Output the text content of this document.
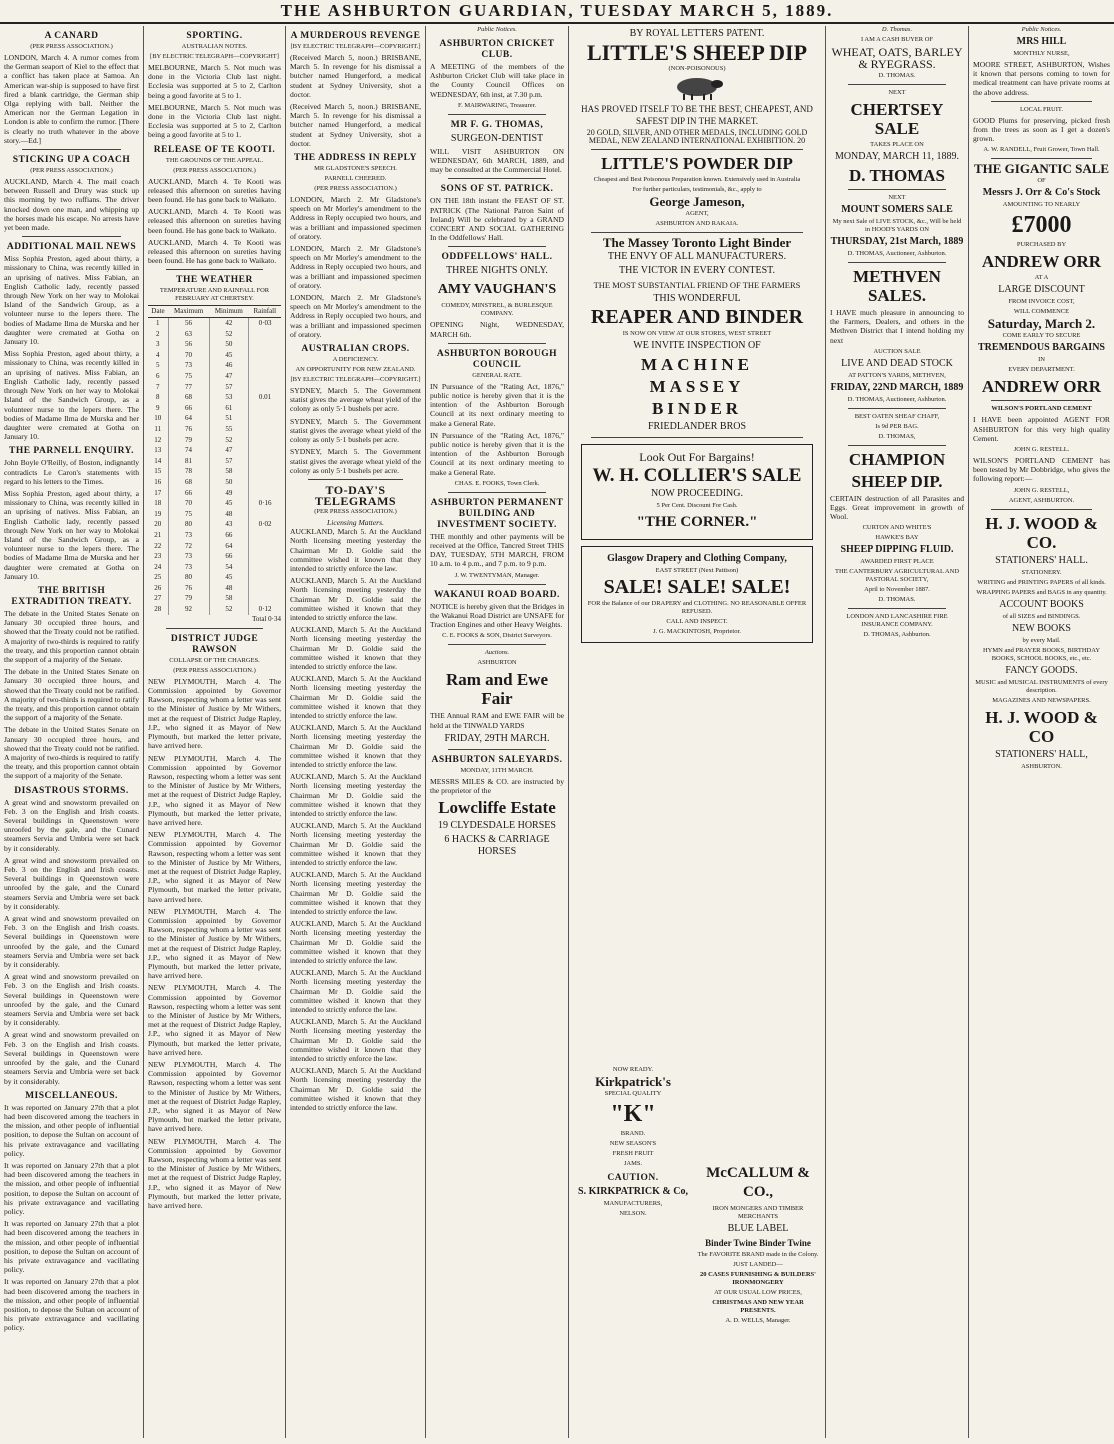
THE ASHBURTON GUARDIAN, TUESDAY MARCH 5, 1889.
A CANARD
(PER PRESS ASSOCIATION.)

LONDON, March 4. A rumor comes from the German seaport of Kiel to the effect that a conflict has taken place at Samoa. An American war-ship is supposed to have first fired a blank cartridge, the German ship Olga replying with ball. Neither the American nor the German Legation in London is able to confirm the rumor. [There is clearly no truth whatever in the above story.—Ed.]

STICKING UP A COACH
(PER PRESS ASSOCIATION.)

AUCKLAND, March 4. The mail coach between Russell and Drury was stuck up this morning by two ruffians. The driver knocked down one man, and whipping up the horses made his escape. No arrests have yet been made.

ADDITIONAL MAIL NEWS

Miss Sophia Preston, aged about thirty, a missionary to China, was recently killed in an uprising of natives. Miss Fabian, an English Catholic lady, recently passed through New York on her way to Molokai Island of the Sandwich Group, as a volunteer nurse to the lepers there. The bodies of Madame Ilma de Murska and her daughter were cremated at Gotha on January 10.

Miss Sophia Preston, aged about thirty, a missionary to China, was recently killed in an uprising of natives. Miss Fabian, an English Catholic lady, recently passed through New York on her way to Molokai Island of the Sandwich Group, as a volunteer nurse to the lepers there. The bodies of Madame Ilma de Murska and her daughter were cremated at Gotha on January 10.

THE PARNELL ENQUIRY.

John Boyle O'Reilly, of Boston, indignantly contradicts Le Caron's statements with regard to his letters to the Times.

Miss Sophia Preston, aged about thirty, a missionary to China, was recently killed in an uprising of natives. Miss Fabian, an English Catholic lady, recently passed through New York on her way to Molokai Island of the Sandwich Group, as a volunteer nurse to the lepers there. The bodies of Madame Ilma de Murska and her daughter were cremated at Gotha on January 10.

THE BRITISH EXTRADITION TREATY.

The debate in the United States Senate on January 30 occupied three hours, and showed that the Treaty could not be ratified. A majority of two-thirds is required to ratify the treaty, and this proportion cannot obtain the support of a majority of the Senate.

The debate in the United States Senate on January 30 occupied three hours, and showed that the Treaty could not be ratified. A majority of two-thirds is required to ratify the treaty, and this proportion cannot obtain the support of a majority of the Senate.

The debate in the United States Senate on January 30 occupied three hours, and showed that the Treaty could not be ratified. A majority of two-thirds is required to ratify the treaty, and this proportion cannot obtain the support of a majority of the Senate.

DISASTROUS STORMS.

A great wind and snowstorm prevailed on Feb. 3 on the English and Irish coasts. Several buildings in Queenstown were unroofed by the gale, and the Cunard steamers Servia and Umbria were set back by it considerably.

A great wind and snowstorm prevailed on Feb. 3 on the English and Irish coasts. Several buildings in Queenstown were unroofed by the gale, and the Cunard steamers Servia and Umbria were set back by it considerably.

A great wind and snowstorm prevailed on Feb. 3 on the English and Irish coasts. Several buildings in Queenstown were unroofed by the gale, and the Cunard steamers Servia and Umbria were set back by it considerably.

A great wind and snowstorm prevailed on Feb. 3 on the English and Irish coasts. Several buildings in Queenstown were unroofed by the gale, and the Cunard steamers Servia and Umbria were set back by it considerably.

A great wind and snowstorm prevailed on Feb. 3 on the English and Irish coasts. Several buildings in Queenstown were unroofed by the gale, and the Cunard steamers Servia and Umbria were set back by it considerably.

MISCELLANEOUS.

It was reported on January 27th that a plot had been discovered among the teachers in the mission, and other people of influential position, to depose the Sultan on account of his private extravagance and vacillating policy.

It was reported on January 27th that a plot had been discovered among the teachers in the mission, and other people of influential position, to depose the Sultan on account of his private extravagance and vacillating policy.

It was reported on January 27th that a plot had been discovered among the teachers in the mission, and other people of influential position, to depose the Sultan on account of his private extravagance and vacillating policy.

It was reported on January 27th that a plot had been discovered among the teachers in the mission, and other people of influential position, to depose the Sultan on account of his private extravagance and vacillating policy.

SPORTING.
AUSTRALIAN NOTES.
[BY ELECTRIC TELEGRAPH—COPYRIGHT]

MELBOURNE, March 5. Not much was done in the Victoria Club last night. Ecclesia was supported at 5 to 2, Carlton being a good favorite at 5 to 1.

MELBOURNE, March 5. Not much was done in the Victoria Club last night. Ecclesia was supported at 5 to 2, Carlton being a good favorite at 5 to 1.

RELEASE OF TE KOOTI.
THE GROUNDS OF THE APPEAL.
(PER PRESS ASSOCIATION.)

AUCKLAND, March 4. Te Kooti was released this afternoon on sureties having been found. He has gone back to Waikato.

AUCKLAND, March 4. Te Kooti was released this afternoon on sureties having been found. He has gone back to Waikato.

AUCKLAND, March 4. Te Kooti was released this afternoon on sureties having been found. He has gone back to Waikato.

THE WEATHER
TEMPERATURE AND RAINFALL FOR FEBRUARY AT CHERTSEY.
Date	Maximum	Minimum	Rainfall
1	56	42	0·03
2	63	52	
3	56	50	
4	70	45	
5	73	46	
6	75	47	
7	77	57	
8	68	53	0.01
9	66	61	
10	64	51	
11	76	55	
12	79	52	
13	74	47	
14	81	57	
15	78	58	
16	68	50	
17	66	49	
18	70	45	0·16
19	75	48	
20	80	43	0·02
21	73	66	
22	72	64	
23	73	66	
24	73	54	
25	80	45	
26	76	48	
27	79	58	
28	92	52	0·12
Total 0·34
DISTRICT JUDGE RAWSON
COLLAPSE OF THE CHARGES.
(PER PRESS ASSOCIATION.)

NEW PLYMOUTH, March 4. The Commission appointed by Governor Rawson, respecting whom a letter was sent to the Minister of Justice by Mr Withers, met at the request of District Judge Rapley, J.P., who signed it as Mayor of New Plymouth, but marked the letter private, have arrived here.

NEW PLYMOUTH, March 4. The Commission appointed by Governor Rawson, respecting whom a letter was sent to the Minister of Justice by Mr Withers, met at the request of District Judge Rapley, J.P., who signed it as Mayor of New Plymouth, but marked the letter private, have arrived here.

NEW PLYMOUTH, March 4. The Commission appointed by Governor Rawson, respecting whom a letter was sent to the Minister of Justice by Mr Withers, met at the request of District Judge Rapley, J.P., who signed it as Mayor of New Plymouth, but marked the letter private, have arrived here.

NEW PLYMOUTH, March 4. The Commission appointed by Governor Rawson, respecting whom a letter was sent to the Minister of Justice by Mr Withers, met at the request of District Judge Rapley, J.P., who signed it as Mayor of New Plymouth, but marked the letter private, have arrived here.

NEW PLYMOUTH, March 4. The Commission appointed by Governor Rawson, respecting whom a letter was sent to the Minister of Justice by Mr Withers, met at the request of District Judge Rapley, J.P., who signed it as Mayor of New Plymouth, but marked the letter private, have arrived here.

NEW PLYMOUTH, March 4. The Commission appointed by Governor Rawson, respecting whom a letter was sent to the Minister of Justice by Mr Withers, met at the request of District Judge Rapley, J.P., who signed it as Mayor of New Plymouth, but marked the letter private, have arrived here.

NEW PLYMOUTH, March 4. The Commission appointed by Governor Rawson, respecting whom a letter was sent to the Minister of Justice by Mr Withers, met at the request of District Judge Rapley, J.P., who signed it as Mayor of New Plymouth, but marked the letter private, have arrived here.

A MURDEROUS REVENGE
[BY ELECTRIC TELEGRAPH—COPYRIGHT.]

(Received March 5, noon.) BRISBANE, March 5. In revenge for his dismissal a butcher named Hungerford, a medical student at Sydney University, shot a doctor.

(Received March 5, noon.) BRISBANE, March 5. In revenge for his dismissal a butcher named Hungerford, a medical student at Sydney University, shot a doctor.

THE ADDRESS IN REPLY
MR GLADSTONE'S SPEECH.
PARNELL CHEERED.
(PER PRESS ASSOCIATION.)

LONDON, March 2. Mr Gladstone's speech on Mr Morley's amendment to the Address in Reply occupied two hours, and was a brilliant and impassioned specimen of oratory.

LONDON, March 2. Mr Gladstone's speech on Mr Morley's amendment to the Address in Reply occupied two hours, and was a brilliant and impassioned specimen of oratory.

LONDON, March 2. Mr Gladstone's speech on Mr Morley's amendment to the Address in Reply occupied two hours, and was a brilliant and impassioned specimen of oratory.

AUSTRALIAN CROPS.
A DEFICIENCY.
AN OPPORTUNITY FOR NEW ZEALAND.
[BY ELECTRIC TELEGRAPH—COPYRIGHT.]

SYDNEY, March 5. The Government statist gives the average wheat yield of the colony as only 5·1 bushels per acre.

SYDNEY, March 5. The Government statist gives the average wheat yield of the colony as only 5·1 bushels per acre.

SYDNEY, March 5. The Government statist gives the average wheat yield of the colony as only 5·1 bushels per acre.

TO-DAY'S TELEGRAMS
(PER PRESS ASSOCIATION.)
Licensing Matters.

AUCKLAND, March 5. At the Auckland North licensing meeting yesterday the Chairman Mr D. Goldie said the committee wished it known that they intended to strictly enforce the law.

AUCKLAND, March 5. At the Auckland North licensing meeting yesterday the Chairman Mr D. Goldie said the committee wished it known that they intended to strictly enforce the law.

AUCKLAND, March 5. At the Auckland North licensing meeting yesterday the Chairman Mr D. Goldie said the committee wished it known that they intended to strictly enforce the law.

AUCKLAND, March 5. At the Auckland North licensing meeting yesterday the Chairman Mr D. Goldie said the committee wished it known that they intended to strictly enforce the law.

AUCKLAND, March 5. At the Auckland North licensing meeting yesterday the Chairman Mr D. Goldie said the committee wished it known that they intended to strictly enforce the law.

AUCKLAND, March 5. At the Auckland North licensing meeting yesterday the Chairman Mr D. Goldie said the committee wished it known that they intended to strictly enforce the law.

AUCKLAND, March 5. At the Auckland North licensing meeting yesterday the Chairman Mr D. Goldie said the committee wished it known that they intended to strictly enforce the law.

AUCKLAND, March 5. At the Auckland North licensing meeting yesterday the Chairman Mr D. Goldie said the committee wished it known that they intended to strictly enforce the law.

AUCKLAND, March 5. At the Auckland North licensing meeting yesterday the Chairman Mr D. Goldie said the committee wished it known that they intended to strictly enforce the law.

AUCKLAND, March 5. At the Auckland North licensing meeting yesterday the Chairman Mr D. Goldie said the committee wished it known that they intended to strictly enforce the law.

AUCKLAND, March 5. At the Auckland North licensing meeting yesterday the Chairman Mr D. Goldie said the committee wished it known that they intended to strictly enforce the law.

AUCKLAND, March 5. At the Auckland North licensing meeting yesterday the Chairman Mr D. Goldie said the committee wished it known that they intended to strictly enforce the law.

Public Notices.
ASHBURTON CRICKET CLUB.

A MEETING of the members of the Ashburton Cricket Club will take place in the County Council Offices on WEDNESDAY, 6th inst, at 7.30 p.m.

F. MAIRWARING, Treasurer.
MR F. G. THOMAS,
SURGEON-DENTIST

WILL VISIT ASHBURTON ON WEDNESDAY, 6th MARCH, 1889, and may be consulted at the Commercial Hotel.

SONS OF ST. PATRICK.

ON THE 18th instant the FEAST OF ST. PATRICK (The National Patron Saint of Ireland) Will be celebrated by a GRAND CONCERT AND SOCIAL GATHERING In the Oddfellows' Hall.

ODDFELLOWS' HALL.
THREE NIGHTS ONLY.
AMY VAUGHAN'S
COMEDY, MINSTREL, & BURLESQUE COMPANY.

OPENING Night, WEDNESDAY, MARCH 6th.

ASHBURTON BOROUGH COUNCIL
GENERAL RATE.

IN Pursuance of the "Rating Act, 1876," public notice is hereby given that it is the intention of the Ashburton Borough Council at its next ordinary meeting to make a General Rate.

IN Pursuance of the "Rating Act, 1876," public notice is hereby given that it is the intention of the Ashburton Borough Council at its next ordinary meeting to make a General Rate.

CHAS. E. FOOKS, Town Clerk.
ASHBURTON PERMANENT BUILDING AND INVESTMENT SOCIETY.

THE monthly and other payments will be received at the Office, Tancred Street THIS DAY, TUESDAY, 5TH MARCH, FROM 10 a.m. to 4 p.m., and 7 p.m. to 9 p.m.

J. W. TWENTYMAN, Manager.
WAKANUI ROAD BOARD.

NOTICE is hereby given that the Bridges in the Wakanui Road District are UNSAFE for Traction Engines and other Heavy Weights.

C. E. FOOKS & SON, District Surveyors.
Auctions.
ASHBURTON
Ram and Ewe Fair

THE Annual RAM and EWE FAIR will be held at the TINWALD YARDS

FRIDAY, 29TH MARCH.
ASHBURTON SALEYARDS.
MONDAY, 11TH MARCH.

MESSRS MILES & CO. are instructed by the proprietor of the

Lowcliffe Estate
19 CLYDESDALE HORSES
6 HACKS & CARRIAGE HORSES
BY ROYAL LETTERS PATENT.
LITTLE'S SHEEP DIP
(NON-POISONOUS)
HAS PROVED ITSELF TO BE THE BEST, CHEAPEST, AND SAFEST DIP IN THE MARKET.
20 GOLD, SILVER, AND OTHER MEDALS, INCLUDING GOLD MEDAL, NEW ZEALAND INTERNATIONAL EXHIBITION. 20
LITTLE'S POWDER DIP
Cheapest and Best Poisonous Preparation known. Extensively used in Australia
For further particulars, testimonials, &c., apply to
George Jameson,
AGENT,
ASHBURTON AND RAKAIA.
The Massey Toronto Light Binder
THE ENVY OF ALL MANUFACTURERS.
THE VICTOR IN EVERY CONTEST.
THE MOST SUBSTANTIAL FRIEND OF THE FARMERS
THIS WONDERFUL
REAPER AND BINDER
IS NOW ON VIEW AT OUR STORES, WEST STREET
WE INVITE INSPECTION OF
MACHINE
MASSEY
BINDER
FRIEDLANDER BROS
Look Out For Bargains!
W. H. COLLIER'S SALE
NOW PROCEEDING.
5 Per Cent. Discount For Cash.
"THE CORNER."
Glasgow Drapery and Clothing Company,
EAST STREET (Next Pattison)
SALE! SALE! SALE!
FOR the Balance of our DRAPERY and CLOTHING. NO REASONABLE OFFER REFUSED.
CALL AND INSPECT.
J. G. MACKINTOSH, Proprietor.
NOW READY.
Kirkpatrick's
SPECIAL QUALITY
"K"
BRAND.
NEW SEASON'S
FRESH FRUIT
JAMS.
CAUTION.
S. KIRKPATRICK & Co,
MANUFACTURERS,
NELSON.
McCALLUM & CO.,
IRON MONGERS AND TIMBER MERCHANTS
BLUE LABEL
Binder Twine Binder Twine
The FAVORITE BRAND made in the Colony.
JUST LANDED—
20 CASES FURNISHING & BUILDERS' IRONMONGERY
AT OUR USUAL LOW PRICES,
CHRISTMAS AND NEW YEAR PRESENTS.
A. D. WELLS, Manager.
D. Thomas.
I AM A CASH BUYER OF
WHEAT, OATS, BARLEY & RYEGRASS.
D. THOMAS.
NEXT
CHERTSEY SALE
TAKES PLACE ON
MONDAY, MARCH 11, 1889.
D. THOMAS
NEXT
MOUNT SOMERS SALE
My next Sale of LIVE STOCK, &c., Will be held in HOOD'S YARDS ON
THURSDAY, 21st March, 1889
D. THOMAS, Auctioneer, Ashburton.
METHVEN SALES.

I HAVE much pleasure in announcing to the Farmers, Dealers, and others in the Methven District that I intend holding my next

AUCTION SALE
LIVE AND DEAD STOCK
AT PATTON'S YARDS, METHVEN,
FRIDAY, 22ND MARCH, 1889
D. THOMAS, Auctioneer, Ashburton.
BEST OATEN SHEAF CHAFF,
Is 9d PER BAG.
D. THOMAS,
CHAMPION
SHEEP DIP.

CERTAIN destruction of all Parasites and Eggs. Great improvement in growth of Wool.

CURTON AND WHITE'S
HAWKE'S BAY
SHEEP DIPPING FLUID.
AWARDED FIRST PLACE
THE CANTERBURY AGRICULTURAL AND PASTORAL SOCIETY,
April to November 1887.
D. THOMAS.
LONDON AND LANCASHIRE FIRE INSURANCE COMPANY.
D. THOMAS, Ashburton.
Public Notices.
MRS HILL
MONTHLY NURSE,

MOORE STREET, ASHBURTON, Wishes it known that persons coming to town for medical treatment can have private rooms at the above address.

LOCAL FRUIT.

GOOD Plums for preserving, picked fresh from the trees as soon as I get a dozen's grown.

A. W. RANDELL, Fruit Grower, Town Hall.
THE GIGANTIC SALE
OF
Messrs J. Orr & Co's Stock
AMOUNTING TO NEARLY
£7000
PURCHASED BY
ANDREW ORR
AT A
LARGE DISCOUNT
FROM INVOICE COST,
WILL COMMENCE
Saturday, March 2.
COME EARLY TO SECURE
TREMENDOUS BARGAINS
IN
EVERY DEPARTMENT.
ANDREW ORR
WILSON'S PORTLAND CEMENT

I HAVE been appointed AGENT FOR ASHBURTON for this very high quality Cement.

JOHN G. RESTELL.

WILSON'S PORTLAND CEMENT has been tested by Mr Dobbridge, who gives the following report:—

JOHN G. RESTELL,
AGENT, ASHBURTON.
H. J. WOOD & CO.
STATIONERS' HALL.
STATIONERY.
WRITING and PRINTING PAPERS of all kinds.
WRAPPING PAPERS and BAGS in any quantity.
ACCOUNT BOOKS
of all SIZES and BINDINGS.
NEW BOOKS
by every Mail.
HYMN and PRAYER BOOKS, BIRTHDAY BOOKS, SCHOOL BOOKS, etc., etc.
FANCY GOODS.
MUSIC and MUSICAL INSTRUMENTS of every description.
MAGAZINES AND NEWSPAPERS.
H. J. WOOD & CO
STATIONERS' HALL,
ASHBURTON.
